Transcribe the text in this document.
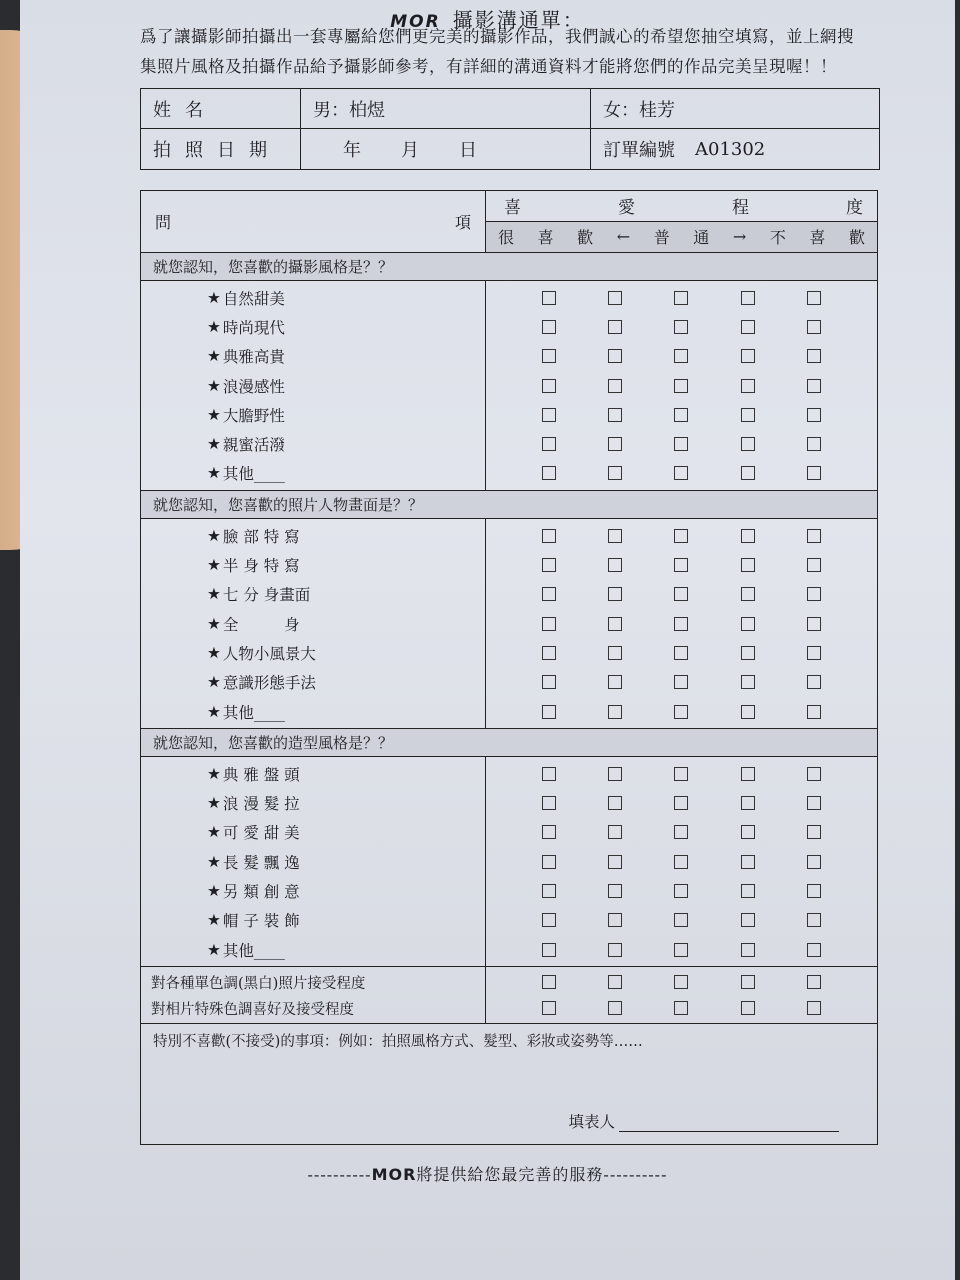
MOR 攝影溝通單：
爲了讓攝影師拍攝出一套專屬給您們更完美的攝影作品，我們誠心的希望您抽空填寫，並上網搜
集照片風格及拍攝作品給予攝影師參考，有詳細的溝通資料才能將您們的作品完美呈現喔！！
姓名	男：柏煜	女：桂芳
拍照日期	年 月 日	訂單編號 A01302
問	項
喜	愛	程	度
很 喜 歡 ← 普 通 → 不 喜 歡
就您認知，您喜歡的攝影風格是？？
★ 自然甜美
★ 時尚現代
★ 典雅高貴
★ 浪漫感性
★ 大膽野性
★ 親蜜活潑
★ 其他____
就您認知，您喜歡的照片人物畫面是？？
★ 臉 部 特 寫
★ 半 身 特 寫
★ 七 分 身畫面
★ 全 　 　 身
★ 人物小風景大
★ 意識形態手法
★ 其他____
就您認知，您喜歡的造型風格是？？
★ 典 雅 盤 頭
★ 浪 漫 髮 拉
★ 可 愛 甜 美
★ 長 髮 飄 逸
★ 另 類 創 意
★ 帽 子 裝 飾
★ 其他____
對各種單色調(黑白)照片接受程度
對相片特殊色調喜好及接受程度
特別不喜歡(不接受)的事項：例如：拍照風格方式、髮型、彩妝或姿勢等……
填表人
----------MOR將提供給您最完善的服務----------
